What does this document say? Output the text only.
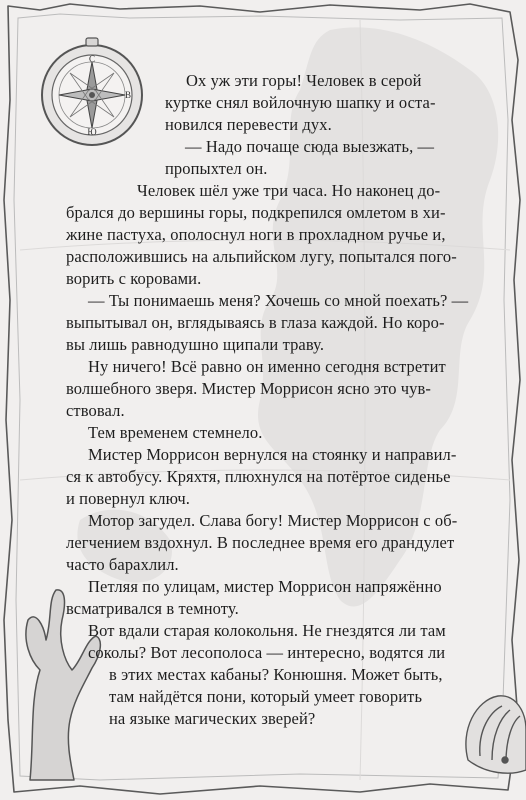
С
В
Ю
Ох уж эти горы! Человек в серой
куртке снял войлочную шапку и оста-
новился перевести дух.
— Надо почаще сюда выезжать, —
пропыхтел он.
Человек шёл уже три часа. Но наконец до-
брался до вершины горы, подкрепился омлетом в хи-
жине пастуха, ополоснул ноги в прохладном ручье и,
расположившись на альпийском лугу, попытался пого-
ворить с коровами.
— Ты понимаешь меня? Хочешь со мной поехать? —
выпытывал он, вглядываясь в глаза каждой. Но коро-
вы лишь равнодушно щипали траву.
Ну ничего! Всё равно он именно сегодня встретит
волшебного зверя. Мистер Моррисон ясно это чув-
ствовал.
Тем временем стемнело.
Мистер Моррисон вернулся на стоянку и направил-
ся к автобусу. Кряхтя, плюхнулся на потёртое сиденье
и повернул ключ.
Мотор загудел. Слава богу! Мистер Моррисон с об-
легчением вздохнул. В последнее время его драндулет
часто барахлил.
Петляя по улицам, мистер Моррисон напряжённо
всматривался в темноту.
Вот вдали старая колокольня. Не гнездятся ли там
соколы? Вот лесополоса — интересно, водятся ли
в этих местах кабаны? Конюшня. Может быть,
там найдётся пони, который умеет говорить
на языке магических зверей?
